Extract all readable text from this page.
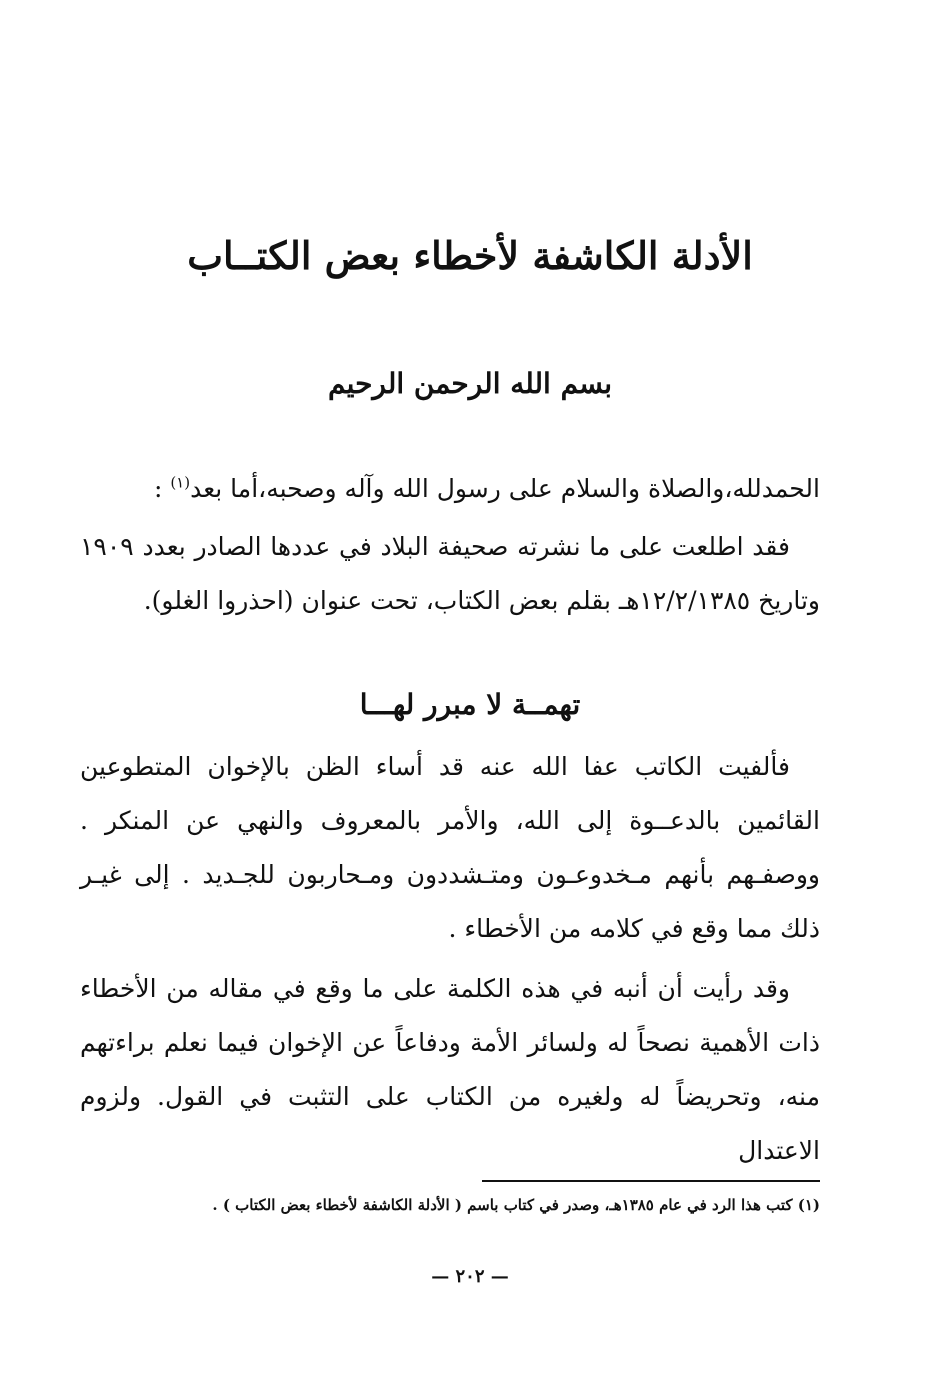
الأدلة الكاشفة لأخطاء بعض الكتــاب
بسم الله الرحمن الرحيم

الحمدلله،والصلاة والسلام على رسول الله وآله وصحبه،أما بعد$^{(١)}$ :

فقد اطلعت على ما نشرته صحيفة البلاد في عددها الصادر بعدد ١٩٠٩ وتاريخ ١٢/٢/١٣٨٥هـ بقلم بعض الكتاب، تحت عنوان (احذروا الغلو).

تهمــة لا مبرر لهـــا

فألفيت الكاتب عفا الله عنه قد أساء الظن بالإخوان المتطوعين القائمين بالدعــوة إلى الله، والأمر بالمعروف والنهي عن المنكر . ووصفـهم بأنهم مـخدوعـون ومتـشددون ومـحاربون للجـديد . إلى غيـر ذلك مما وقع في كلامه من الأخطاء .

وقد رأيت أن أنبه في هذه الكلمة على ما وقع في مقاله من الأخطاء ذات الأهمية نصحاً له ولسائر الأمة ودفاعاً عن الإخوان فيما نعلم براءتهم منه، وتحريضاً له ولغيره من الكتاب على التثبت في القول. ولزوم الاعتدال

(١) كتب هذا الرد في عام ١٣٨٥هـ، وصدر في كتاب باسم ( الأدلة الكاشفة لأخطاء بعض الكتاب ) .

— ٢٠٢ —
